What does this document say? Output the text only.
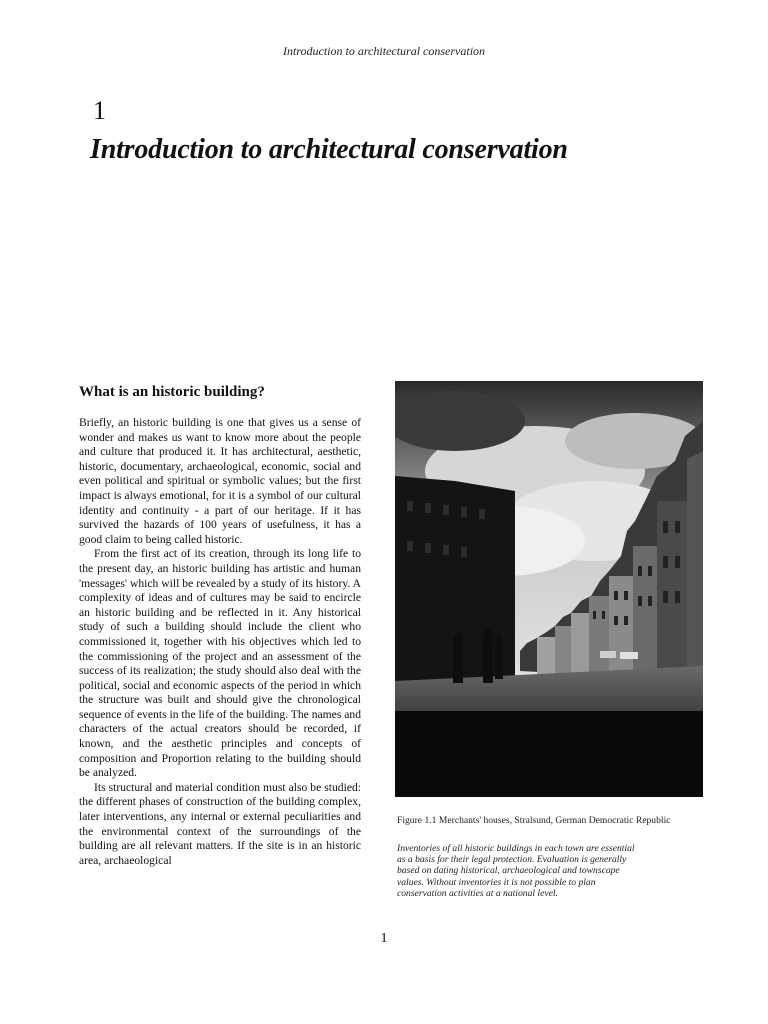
Introduction to architectural conservation
1
Introduction to architectural conservation
What is an historic building?

Briefly, an historic building is one that gives us a sense of wonder and makes us want to know more about the people and culture that produced it. It has architectural, aesthetic, historic, documentary, archaeological, economic, social and even political and spiritual or symbolic values; but the first impact is always emotional, for it is a symbol of our cultural identity and continuity - a part of our heritage. If it has survived the hazards of 100 years of usefulness, it has a good claim to being called historic.

From the first act of its creation, through its long life to the present day, an historic building has artistic and human 'messages' which will be revealed by a study of its history. A complexity of ideas and of cultures may be said to encircle an historic building and be reflected in it. Any historical study of such a building should include the client who commissioned it, together with his objectives which led to the commissioning of the project and an assessment of the success of its realization; the study should also deal with the political, social and economic aspects of the period in which the structure was built and should give the chronological sequence of events in the life of the building. The names and characters of the actual creators should be recorded, if known, and the aesthetic principles and concepts of composition and Proportion relating to the building should be analyzed.

Its structural and material condition must also be studied: the different phases of construction of the building complex, later interventions, any internal or external peculiarities and the environmental context of the surroundings of the building are all relevant matters. If the site is in an historic area, archaeological

Figure 1.1 Merchants' houses, Stralsund, German Democratic Republic
Inventories of all historic buildings in each town are essential as a basis for their legal protection. Evaluation is generally based on dating historical, archaeological and townscape values. Without inventories it is not possible to plan conservation activities at a national level.
1
